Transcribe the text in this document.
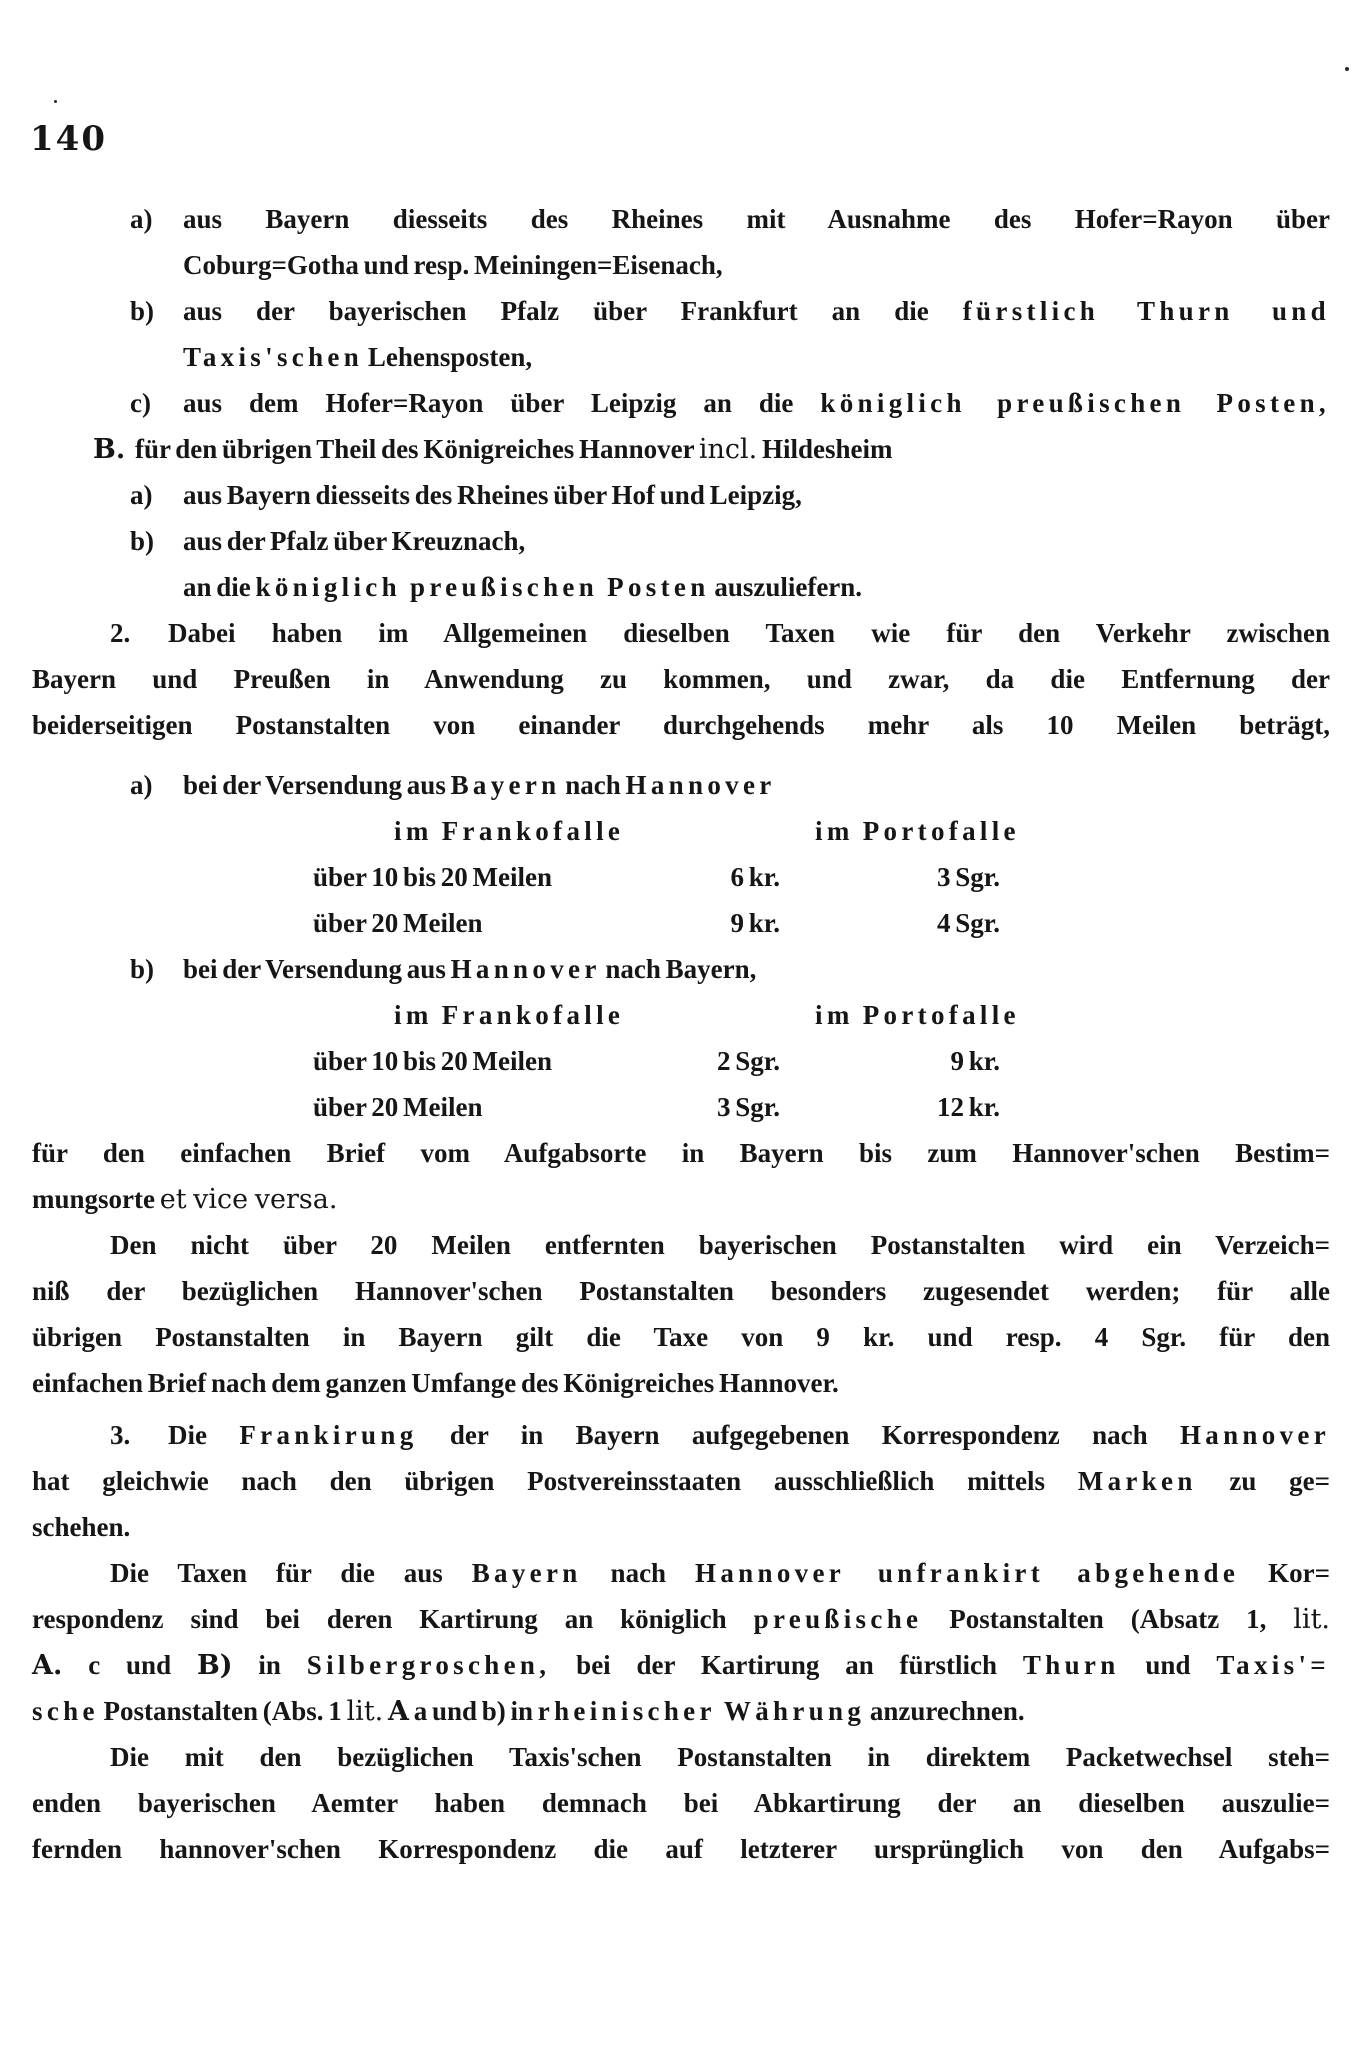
140
a) aus Bayern diesseits des Rheines mit Ausnahme des Hofer=Rayon über
Coburg=Gotha und resp. Meiningen=Eisenach,
b) aus der bayerischen Pfalz über Frankfurt an die fürstlich Thurn und
Taxis'schen Lehensposten,
c) aus dem Hofer=Rayon über Leipzig an die königlich preußischen Posten,
B. für den übrigen Theil des Königreiches Hannover incl. Hildesheim
a) aus Bayern diesseits des Rheines über Hof und Leipzig,
b) aus der Pfalz über Kreuznach,
an die königlich preußischen Posten auszuliefern.
2. Dabei haben im Allgemeinen dieselben Taxen wie für den Verkehr zwischen
Bayern und Preußen in Anwendung zu kommen, und zwar, da die Entfernung der
beiderseitigen Postanstalten von einander durchgehends mehr als 10 Meilen beträgt,
a) bei der Versendung aus Bayern nach Hannover
im Frankofalle	im Portofalle
über 10 bis 20 Meilen	6 kr.	3 Sgr.
über 20 Meilen	9 kr.	4 Sgr.
b) bei der Versendung aus Hannover nach Bayern,
im Frankofalle	im Portofalle
über 10 bis 20 Meilen	2 Sgr.	9 kr.
über 20 Meilen	3 Sgr.	12 kr.
für den einfachen Brief vom Aufgabsorte in Bayern bis zum Hannover'schen Bestim=
mungsorte et vice versa.
Den nicht über 20 Meilen entfernten bayerischen Postanstalten wird ein Verzeich=
niß der bezüglichen Hannover'schen Postanstalten besonders zugesendet werden; für alle
übrigen Postanstalten in Bayern gilt die Taxe von 9 kr. und resp. 4 Sgr. für den
einfachen Brief nach dem ganzen Umfange des Königreiches Hannover.
3. Die Frankirung der in Bayern aufgegebenen Korrespondenz nach Hannover
hat gleichwie nach den übrigen Postvereinsstaaten ausschließlich mittels Marken zu ge=
schehen.
Die Taxen für die aus Bayern nach Hannover unfrankirt abgehende Kor=
respondenz sind bei deren Kartirung an königlich preußische Postanstalten (Absatz 1, lit.
A. c und B) in Silbergroschen, bei der Kartirung an fürstlich Thurn und Taxis'=
sche Postanstalten (Abs. 1 lit. A a und b) in rheinischer Währung anzurechnen.
Die mit den bezüglichen Taxis'schen Postanstalten in direktem Packetwechsel steh=
enden bayerischen Aemter haben demnach bei Abkartirung der an dieselben auszulie=
fernden hannover'schen Korrespondenz die auf letzterer ursprünglich von den Aufgabs=
